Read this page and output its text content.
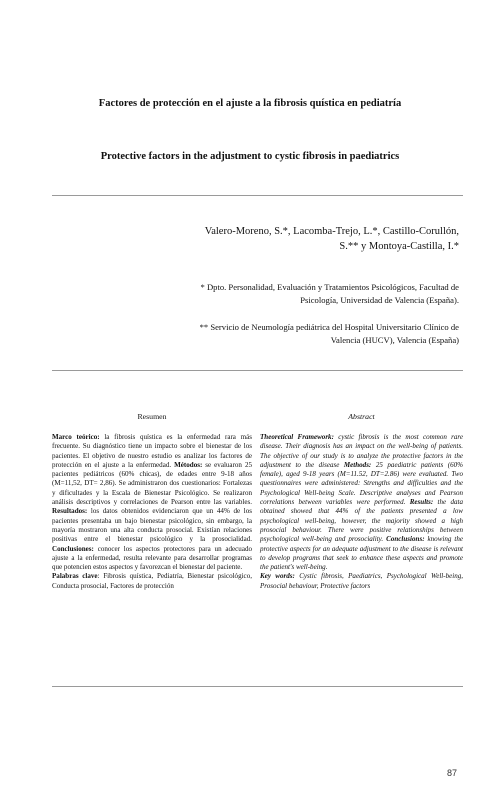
Factores de protección en el ajuste a la fibrosis quística en pediatría
Protective factors in the adjustment to cystic fibrosis in paediatrics
Valero-Moreno, S.*, Lacomba-Trejo, L.*, Castillo-Corullón,
S.** y Montoya-Castilla, I.*
* Dpto. Personalidad, Evaluación y Tratamientos Psicológicos, Facultad de
Psicología, Universidad de Valencia (España).
** Servicio de Neumología pediátrica del Hospital Universitario Clínico de
Valencia (HUCV), Valencia (España)
Resumen	Abstract

Marco teórico: la fibrosis quística es la enfermedad rara más frecuente. Su diagnóstico tiene un impacto sobre el bienestar de los pacientes. El objetivo de nuestro estudio es analizar los factores de protección en el ajuste a la enfermedad. Métodos: se evaluaron 25 pacientes pediátricos (60% chicas), de edades entre 9-18 años (M=11,52, DT= 2,86). Se administraron dos cuestionarios: Fortalezas y dificultades y la Escala de Bienestar Psicológico. Se realizaron análisis descriptivos y correlaciones de Pearson entre las variables. Resultados: los datos obtenidos evidenciaron que un 44% de los pacientes presentaba un bajo bienestar psicológico, sin embargo, la mayoría mostraron una alta conducta prosocial. Existían relaciones positivas entre el bienestar psicológico y la prosocialidad. Conclusiones: conocer los aspectos protectores para un adecuado ajuste a la enfermedad, resulta relevante para desarrollar programas que potencien estos aspectos y favorezcan el bienestar del paciente.

Palabras clave: Fibrosis quística, Pediatría, Bienestar psicológico, Conducta prosocial, Factores de protección

Theoretical Framework: cystic fibrosis is the most common rare disease. Their diagnosis has an impact on the well-being of patients. The objective of our study is to analyze the protective factors in the adjustment to the disease Methods: 25 paediatric patients (60% female), aged 9-18 years (M=11.52, DT=2.86) were evaluated. Two questionnaires were administered: Strengths and difficulties and the Psychological Well-being Scale. Descriptive analyses and Pearson correlations between variables were performed. Results: the data obtained showed that 44% of the patients presented a low psychological well-being, however, the majority showed a high prosocial behaviour. There were positive relationships between psychological well-being and prosociality. Conclusions: knowing the protective aspects for an adequate adjustment to the disease is relevant to develop programs that seek to enhance these aspects and promote the patient's well-being.

Key words: Cystic fibrosis, Paediatrics, Psychological Well-being, Prosocial behaviour, Protective factors

87
